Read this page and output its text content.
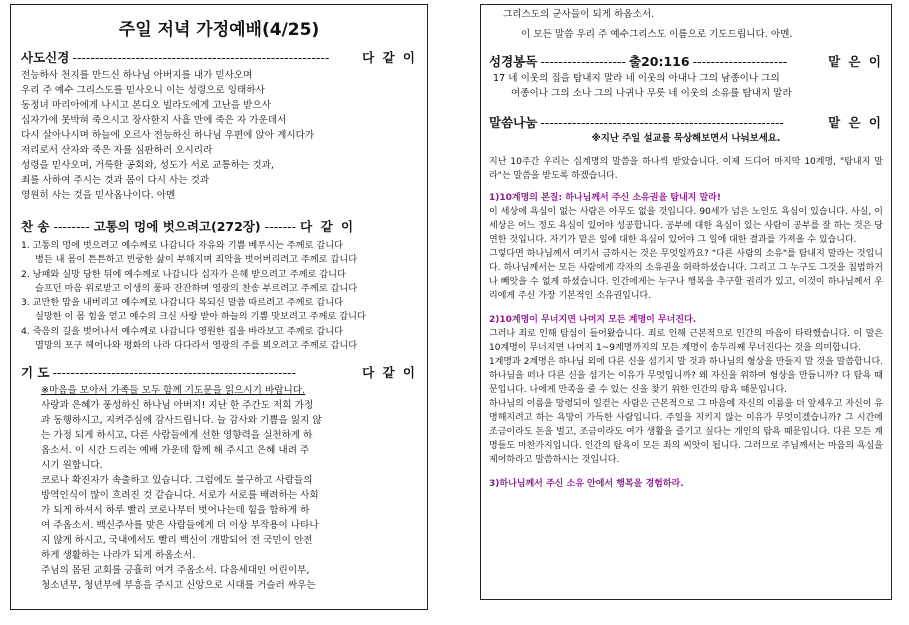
주일 저녁 가정예배(4/25)
사도신경 ---------------------------------------------------------	다 같 이
전능하사 천지를 만드신 하나님 아버지를 내가 믿사오며
우리 주 예수 그리스도를 믿사오니 이는 성령으로 잉태하사
동정녀 마리아에게 나시고 본디오 빌라도에게 고난을 받으사
십자가에 못박혀 죽으시고 장사한지 사흘 만에 죽은 자 가운데서
다시 살아나시며 하늘에 오르사 전능하신 하나님 우편에 앉아 계시다가
저리로서 산자와 죽은 자를 심판하러 오시리라
성령을 믿사오며, 거룩한 공회와, 성도가 서로 교통하는 것과,
죄를 사하여 주시는 것과 몸이 다시 사는 것과
영원히 사는 것을 믿사옵나이다. 아멘
찬 송 -------- 고통의 멍에 벗으려고(272장) ------- 다 같 이
1. 고통의 멍에 벗으려고 예수께로 나갑니다 자유와 기쁨 베푸시는 주께로 갑니다
병든 내 몸이 튼튼하고 빈궁한 삶이 부해지며 죄악을 벗어버리려고 주께로 갑니다
2. 낭패와 실망 당한 뒤에 예수께로 나갑니다 십자가 은혜 받으려고 주께로 갑니다
슬프던 마음 위로받고 이생의 풍파 잔잔하며 영광의 찬송 부르려고 주께로 갑니다
3. 교만한 맘을 내버리고 예수께로 나갑니다 복되신 말씀 따르려고 주께로 갑니다
실망한 이 몸 힘을 얻고 예수의 크신 사랑 받아 하늘의 기쁨 맛보려고 주께로 갑니다
4. 죽음의 길을 벗어나서 예수께로 나갑니다 영원한 집을 바라보고 주께로 갑니다
멸망의 포구 헤어나와 평화의 나라 다다라서 영광의 주를 뵈오려고 주께로 갑니다
기 도 ------------------------------------------------------	다 같 이
※마음을 모아서 가족들 모두 함께 기도문을 읽으시기 바랍니다.
사랑과 은혜가 풍성하신 하나님 아버지! 지난 한 주간도 저희 가정
과 동행하시고, 지켜주심에 감사드립니다. 늘 감사와 기쁨을 잃지 않
는 가정 되게 하시고, 다른 사람들에게 선한 영향력을 실천하게 하
옵소서. 이 시간 드리는 예배 가운데 함께 해 주시고 은혜 내려 주
시기 원합니다.
코로나 확진자가 속출하고 있습니다. 그럼에도 불구하고 사람들의
방역인식이 많이 흐려진 것 같습니다. 서로가 서로를 배려하는 사회
가 되게 하셔서 하루 빨리 코로나부터 벗어나는데 힘을 합하게 하
여 주옵소서. 백신주사를 맞은 사람들에게 더 이상 부작용이 나타나
지 않게 하시고, 국내에서도 빨리 백신이 개발되어 전 국민이 안전
하게 생활하는 나라가 되게 하옵소서.
주님의 몸된 교회를 긍휼히 여겨 주옵소서. 다음세대인 어린이부,
청소년부, 청년부에 부흥을 주시고 신앙으로 시대를 거슬러 싸우는
그리스도의 군사들이 되게 하옵소서.
이 모든 말씀 우리 주 예수그리스도 이름으로 기도드립니다. 아멘.
성경봉독 ------------------- 출20:116 ---------------------	맡 은 이
17 네 이웃의 집을 탐내지 말라 네 이웃의 아내나 그의 남종이나 그의
여종이나 그의 소나 그의 나귀나 무릇 네 이웃의 소유를 탐내지 말라
말씀나눔 ------------------------------------------------------	맡 은 이
※지난 주일 설교를 묵상해보면서 나눠보세요.
지난 10주간 우리는 십계명의 말씀을 하나씩 받았습니다. 이제 드디어 마지막 10계명, "탐내지 말라"는 말씀을 받도록 하겠습니다.
1)10계명의 본질: 하나님께서 주신 소유권을 탐내지 말라!
이 세상에 욕심이 없는 사람은 아무도 없을 것입니다. 90세가 넘은 노인도 욕심이 있습니다. 사실, 이 세상은 어느 정도 욕심이 있어야 성공합니다. 공부에 대한 욕심이 있는 사람이 공부를 잘 하는 것은 당연한 것입니다. 자기가 맡은 일에 대한 욕심이 있어야 그 일에 대한 결과를 가져올 수 있습니다.
그렇다면 하나님께서 여기서 금하시는 것은 무엇일까요? "다른 사람의 소유"를 탐내지 말라는 것입니다. 하나님께서는 모든 사람에게 각자의 소유권을 허락하셨습니다. 그리고 그 누구도 그것을 침범하거나 빼앗을 수 없게 하셨습니다. 인간에게는 누구나 행복을 추구할 권리가 있고, 이것이 하나님께서 우리에게 주신 가장 기본적인 소유권입니다.
2)10계명이 무너지면 나머지 모든 계명이 무너진다.
그러나 죄로 인해 탐심이 들어왔습니다. 죄로 인해 근본적으로 인간의 마음이 타락했습니다. 이 말은 10계명이 무너지면 나머지 1~9계명까지의 모든 계명이 송두리째 무너진다는 것을 의미합니다.
1계명과 2계명은 하나님 외에 다른 신을 섬기지 말 것과 하나님의 형상을 만들지 말 것을 말씀합니다. 하나님을 떠나 다른 신을 섬기는 이유가 무엇입니까? 왜 자신을 위하여 형상을 만듭니까? 다 탐욕 때문입니다. 나에게 만족을 줄 수 있는 신을 찾기 위한 인간의 탐욕 때문입니다.
하나님의 이름을 망령되이 일컫는 사람은 근본적으로 그 마음에 자신의 이름을 더 앞세우고 자신이 유명해지려고 하는 욕망이 가득한 사람입니다. 주일을 지키지 않는 이유가 무엇이겠습니까? 그 시간에 조금이라도 돈을 벌고, 조금이라도 여가 생활을 즐기고 싶다는 개인의 탐욕 때문입니다. 다른 모든 계명들도 마찬가지입니다. 인간의 탐욕이 모든 죄의 씨앗이 됩니다. 그러므로 주님께서는 마음의 욕심을 제어하라고 말씀하시는 것입니다.
3)하나님께서 주신 소유 안에서 행복을 경험하라.
